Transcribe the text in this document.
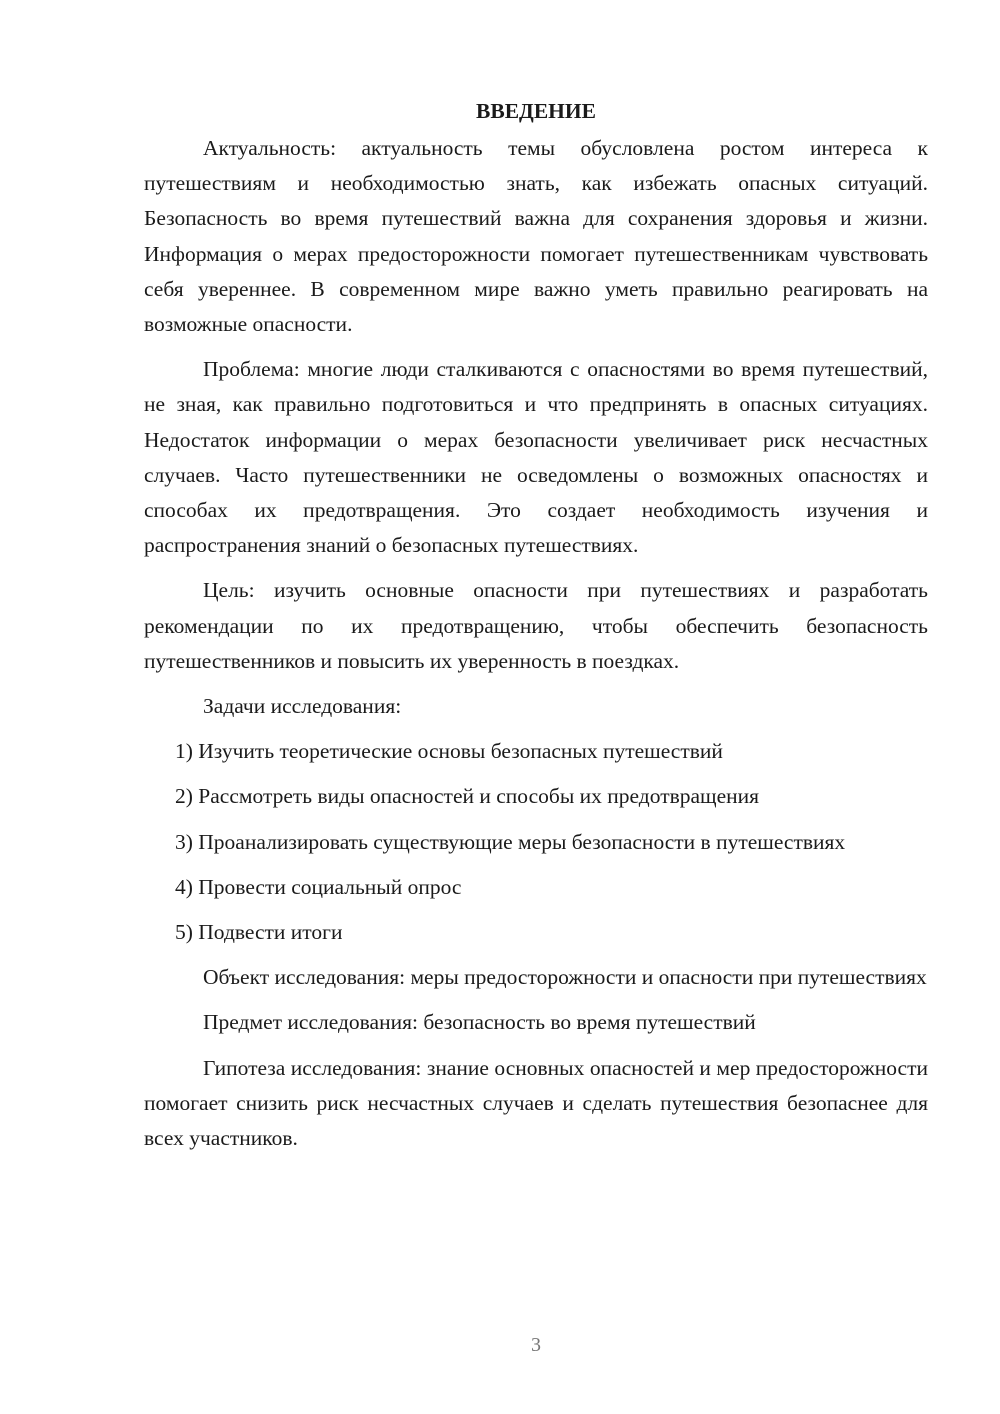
ВВЕДЕНИЕ

Актуальность: актуальность темы обусловлена ростом интереса к путешествиям и необходимостью знать, как избежать опасных ситуаций. Безопасность во время путешествий важна для сохранения здоровья и жизни. Информация о мерах предосторожности помогает путешественникам чувствовать себя увереннее. В современном мире важно уметь правильно реагировать на возможные опасности.

Проблема: многие люди сталкиваются с опасностями во время путешествий, не зная, как правильно подготовиться и что предпринять в опасных ситуациях. Недостаток информации о мерах безопасности увеличивает риск несчастных случаев. Часто путешественники не осведомлены о возможных опасностях и способах их предотвращения. Это создает необходимость изучения и распространения знаний о безопасных путешествиях.

Цель: изучить основные опасности при путешествиях и разработать рекомендации по их предотвращению, чтобы обеспечить безопасность путешественников и повысить их уверенность в поездках.

Задачи исследования:

1) Изучить теоретические основы безопасных путешествий

2) Рассмотреть виды опасностей и способы их предотвращения

3) Проанализировать существующие меры безопасности в путешествиях

4) Провести социальный опрос

5) Подвести итоги

Объект исследования: меры предосторожности и опасности при путешествиях

Предмет исследования: безопасность во время путешествий

Гипотеза исследования: знание основных опасностей и мер предосторожности помогает снизить риск несчастных случаев и сделать путешествия безопаснее для всех участников.

3
